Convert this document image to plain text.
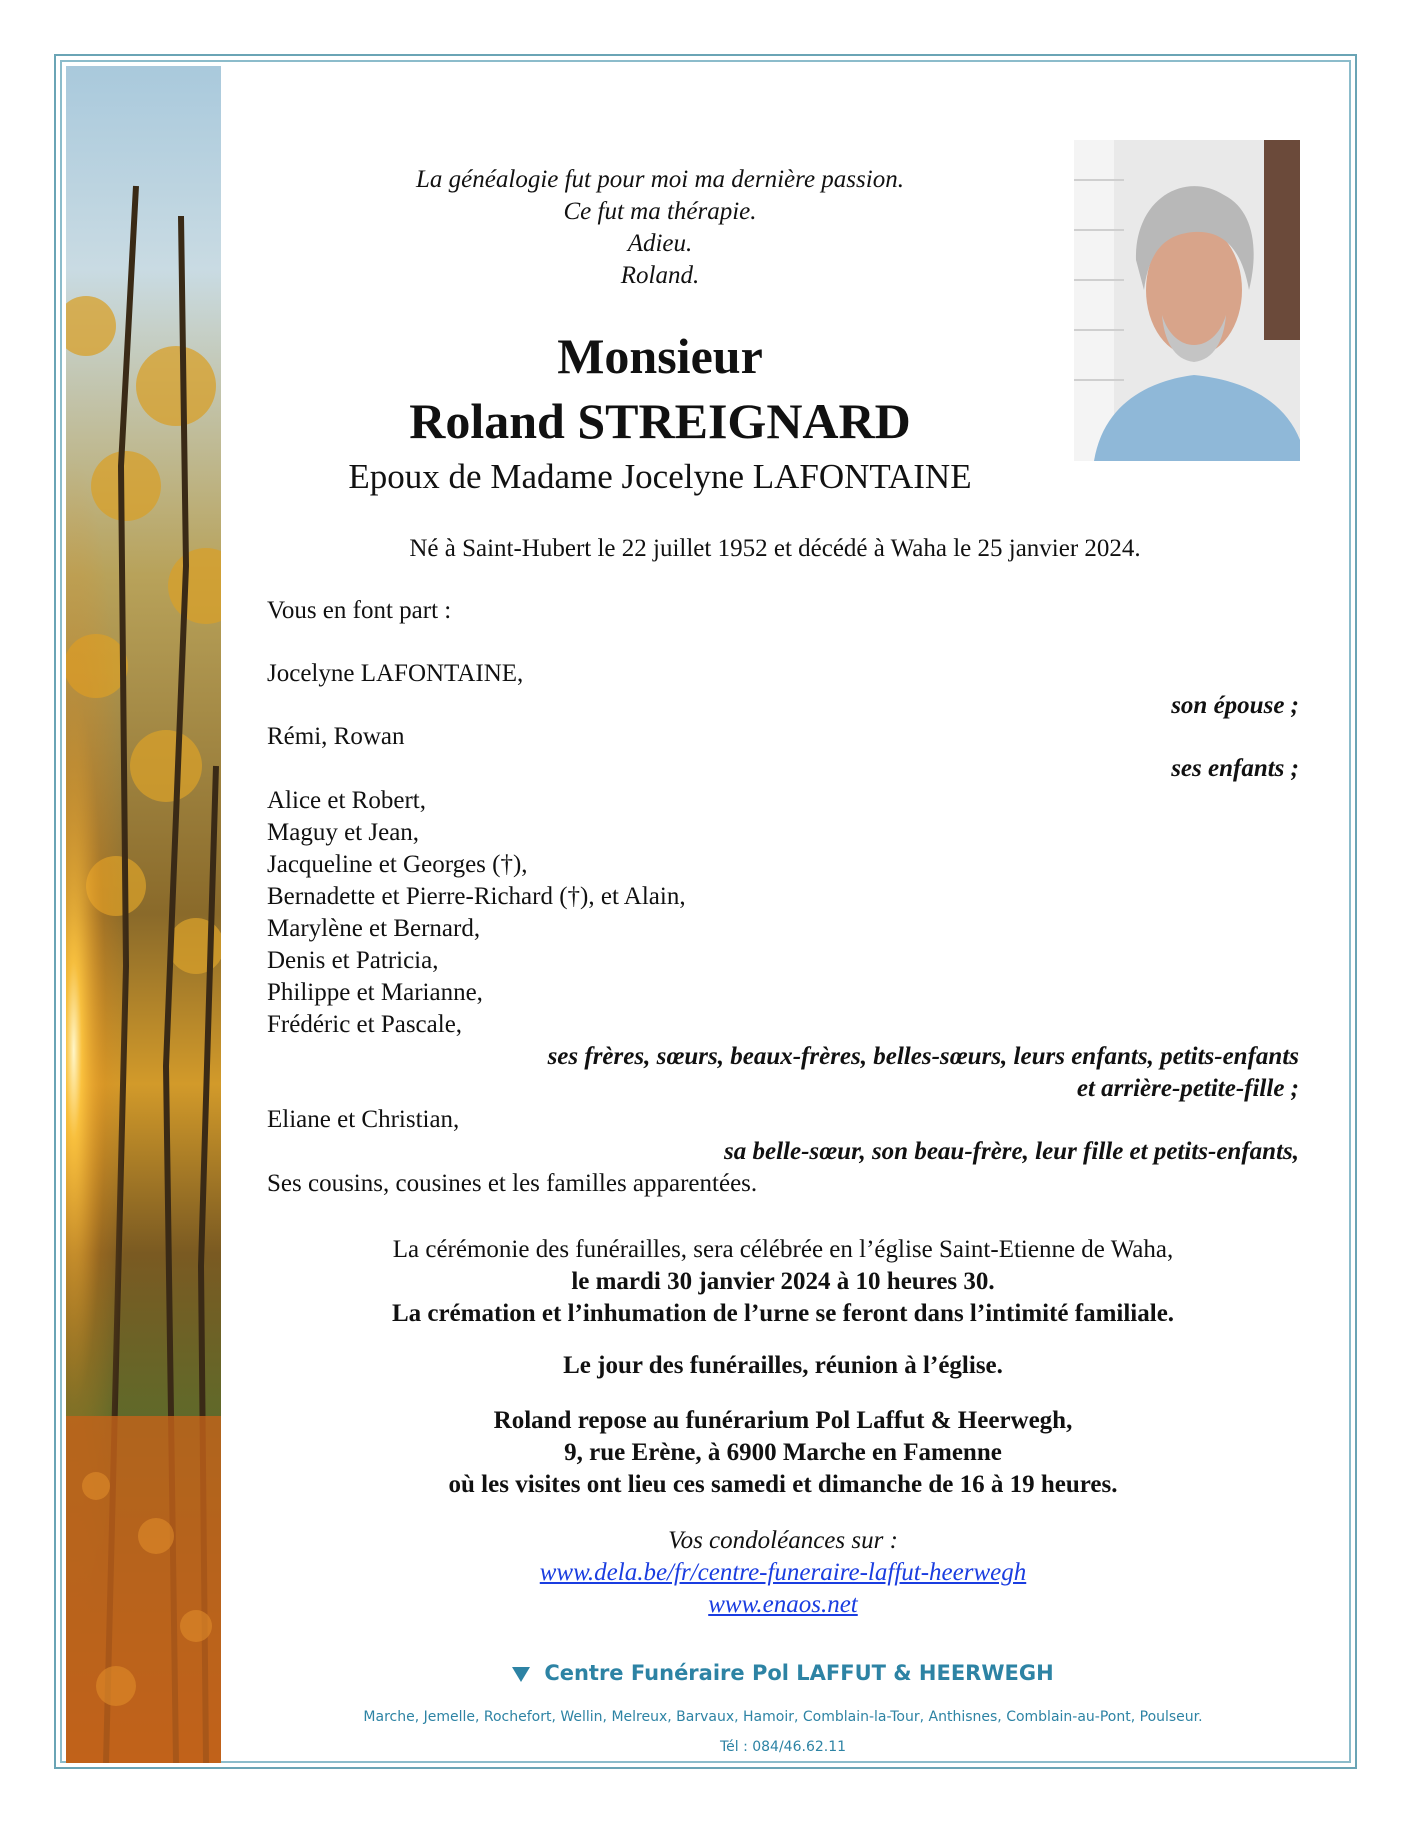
La généalogie fut pour moi ma dernière passion.
Ce fut ma thérapie.
Adieu.
Roland.
Monsieur
Roland STREIGNARD
Epoux de Madame Jocelyne LAFONTAINE
Né à Saint-Hubert le 22 juillet 1952 et décédé à Waha le 25 janvier 2024.
Vous en font part :
Jocelyne LAFONTAINE,
son épouse ;
Rémi, Rowan
ses enfants ;
Alice et Robert,
Maguy et Jean,
Jacqueline et Georges (†),
Bernadette et Pierre-Richard (†), et Alain,
Marylène et Bernard,
Denis et Patricia,
Philippe et Marianne,
Frédéric et Pascale,
ses frères, sœurs, beaux-frères, belles-sœurs, leurs enfants, petits-enfants
et arrière-petite-fille ;
Eliane et Christian,
sa belle-sœur, son beau-frère, leur fille et petits-enfants,
Ses cousins, cousines et les familles apparentées.
La cérémonie des funérailles, sera célébrée en l’église Saint-Etienne de Waha,
le mardi 30 janvier 2024 à 10 heures 30.
La crémation et l’inhumation de l’urne se feront dans l’intimité familiale.
Le jour des funérailles, réunion à l’église.
Roland repose au funérarium Pol Laffut & Heerwegh,
9, rue Erène, à 6900 Marche en Famenne
où les visites ont lieu ces samedi et dimanche de 16 à 19 heures.
Vos condoléances sur :
www.dela.be/fr/centre-funeraire-laffut-heerwegh
www.enaos.net
Centre Funéraire Pol LAFFUT & HEERWEGH
Marche, Jemelle, Rochefort, Wellin, Melreux, Barvaux, Hamoir, Comblain-la-Tour, Anthisnes, Comblain-au-Pont, Poulseur.
Tél : 084/46.62.11
